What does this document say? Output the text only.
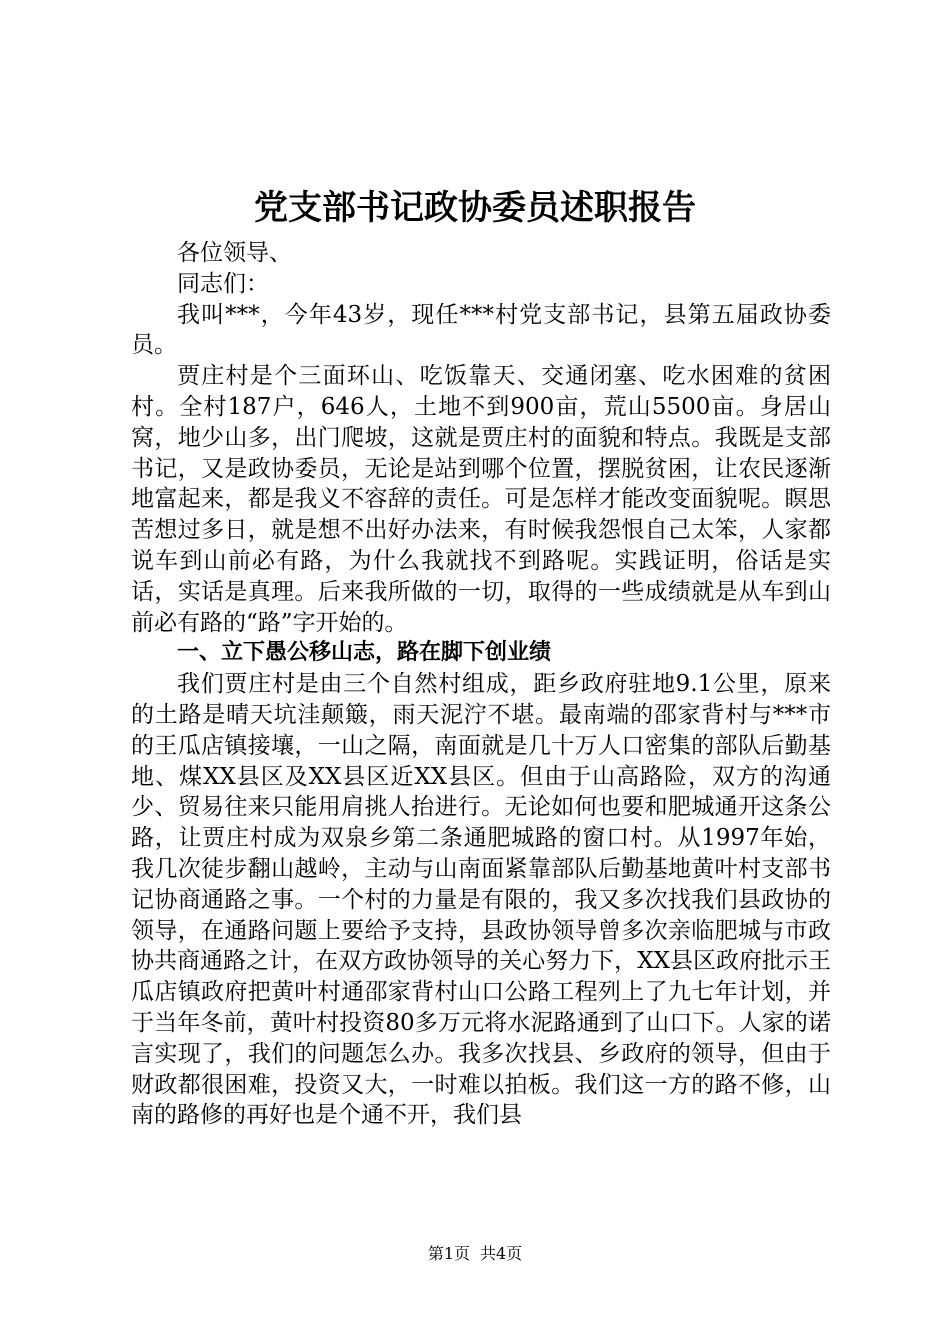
党支部书记政协委员述职报告

各位领导、

同志们：

我叫***，今年43岁，现任***村党支部书记，县第五届政协委员。

贾庄村是个三面环山、吃饭靠天、交通闭塞、吃水困难的贫困村。全村187户，646人，土地不到900亩，荒山5500亩。身居山窝，地少山多，出门爬坡，这就是贾庄村的面貌和特点。我既是支部书记，又是政协委员，无论是站到哪个位置，摆脱贫困，让农民逐渐地富起来，都是我义不容辞的责任。可是怎样才能改变面貌呢。瞑思苦想过多日，就是想不出好办法来，有时候我怨恨自己太笨，人家都说车到山前必有路，为什么我就找不到路呢。实践证明，俗话是实话，实话是真理。后来我所做的一切，取得的一些成绩就是从车到山前必有路的“路”字开始的。

一、立下愚公移山志，路在脚下创业绩

我们贾庄村是由三个自然村组成，距乡政府驻地9.1公里，原来的土路是晴天坑洼颠簸，雨天泥泞不堪。最南端的邵家背村与***市的王瓜店镇接壤，一山之隔，南面就是几十万人口密集的部队后勤基地、煤XX县区及XX县区近XX县区。但由于山高路险，双方的沟通少、贸易往来只能用肩挑人抬进行。无论如何也要和肥城通开这条公路，让贾庄村成为双泉乡第二条通肥城路的窗口村。从1997年始，我几次徒步翻山越岭，主动与山南面紧靠部队后勤基地黄叶村支部书记协商通路之事。一个村的力量是有限的，我又多次找我们县政协的领导，在通路问题上要给予支持，县政协领导曾多次亲临肥城与市政协共商通路之计，在双方政协领导的关心努力下，XX县区政府批示王瓜店镇政府把黄叶村通邵家背村山口公路工程列上了九七年计划，并于当年冬前，黄叶村投资80多万元将水泥路通到了山口下。人家的诺言实现了，我们的问题怎么办。我多次找县、乡政府的领导，但由于财政都很困难，投资又大，一时难以拍板。我们这一方的路不修，山南的路修的再好也是个通不开，我们县

第1页 共4页
